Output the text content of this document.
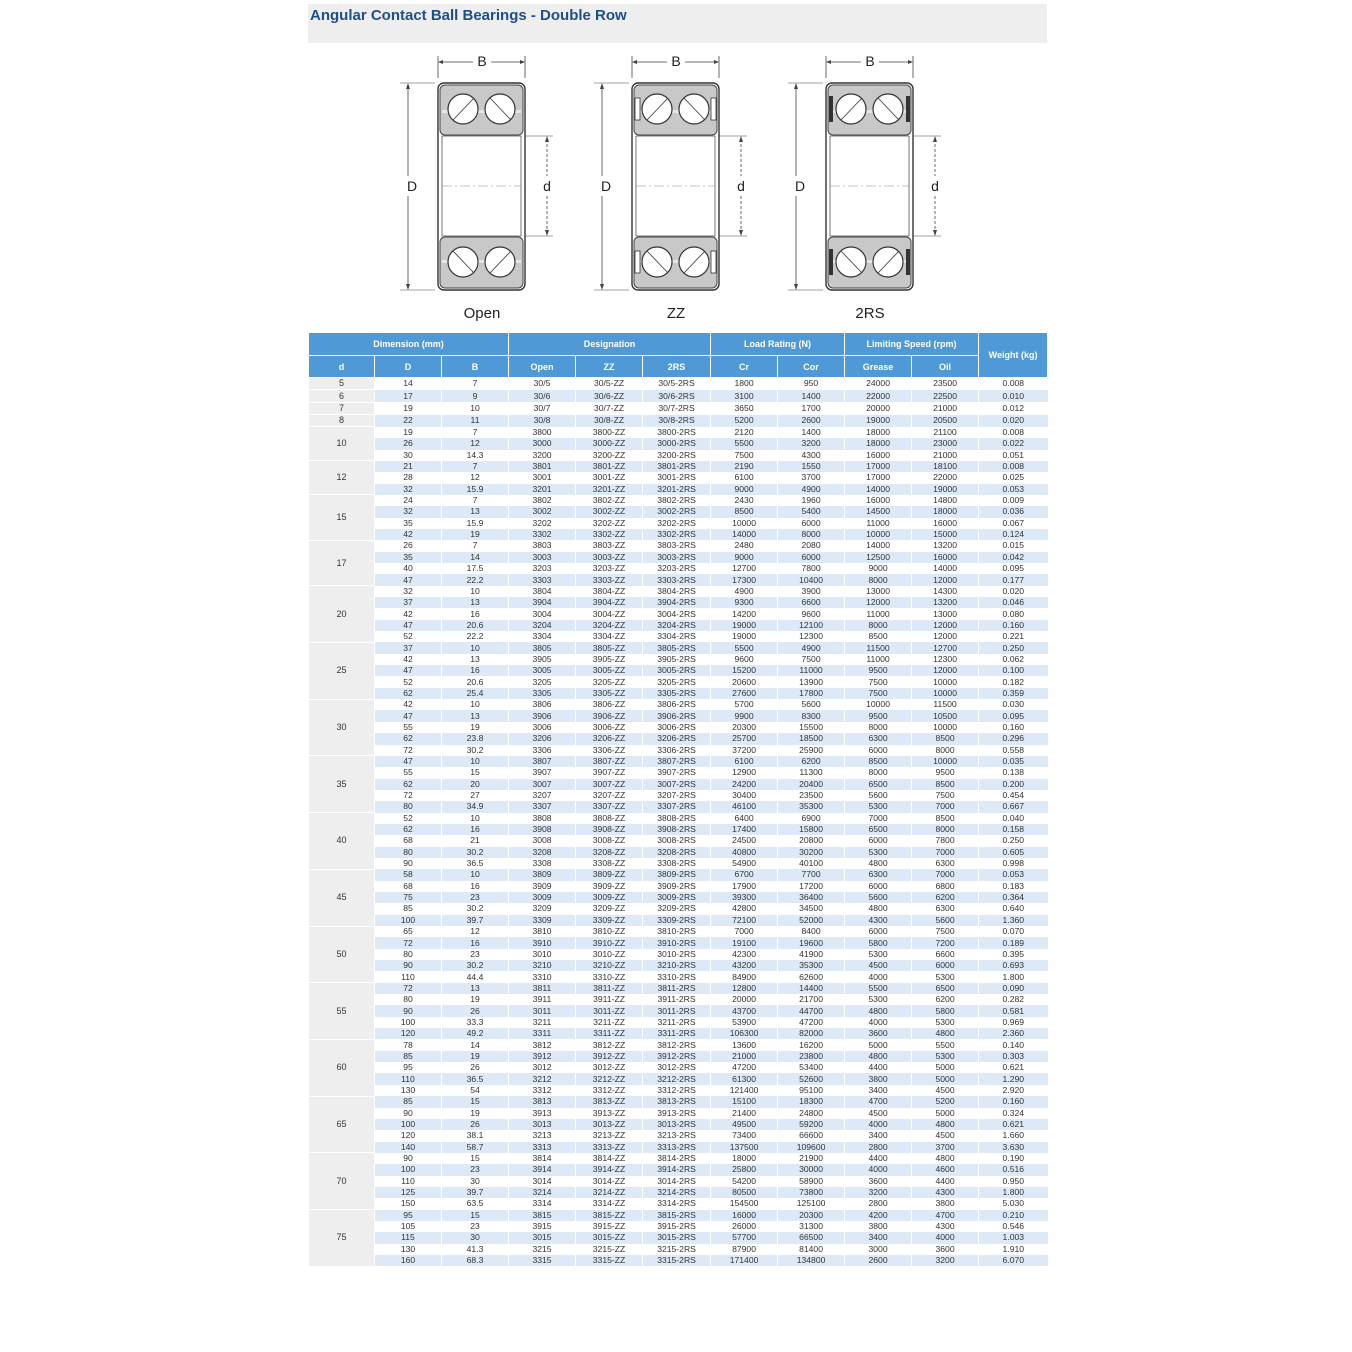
Angular Contact Ball Bearings - Double Row
B
D	d
Open
B
D	d
ZZ
B
D	d
2RS
Dimension (mm)			Designation			Load Rating (N)		Limiting Speed (rpm)		Weight (kg)
d	D	B	Open	ZZ	2RS	Cr	Cor	Grease	Oil	
5	14	7	30/5	30/5-ZZ	30/5-2RS	1800	950	24000	23500	0.008
6	17	9	30/6	30/6-ZZ	30/6-2RS	3100	1400	22000	22500	0.010
7	19	10	30/7	30/7-ZZ	30/7-2RS	3650	1700	20000	21000	0.012
8	22	11	30/8	30/8-ZZ	30/8-2RS	5200	2600	19000	20500	0.020
10	19	7	3800	3800-ZZ	3800-2RS	2120	1400	18000	21100	0.008
	26	12	3000	3000-ZZ	3000-2RS	5500	3200	18000	23000	0.022
	30	14.3	3200	3200-ZZ	3200-2RS	7500	4300	16000	21000	0.051
12	21	7	3801	3801-ZZ	3801-2RS	2190	1550	17000	18100	0.008
	28	12	3001	3001-ZZ	3001-2RS	6100	3700	17000	22000	0.025
	32	15.9	3201	3201-ZZ	3201-2RS	9000	4900	14000	19000	0.053
15	24	7	3802	3802-ZZ	3802-2RS	2430	1960	16000	14800	0.009
	32	13	3002	3002-ZZ	3002-2RS	8500	5400	14500	18000	0.036
	35	15.9	3202	3202-ZZ	3202-2RS	10000	6000	11000	16000	0.067
	42	19	3302	3302-ZZ	3302-2RS	14000	8000	10000	15000	0.124
17	26	7	3803	3803-ZZ	3803-2RS	2480	2080	14000	13200	0.015
	35	14	3003	3003-ZZ	3003-2RS	9000	6000	12500	16000	0.042
	40	17.5	3203	3203-ZZ	3203-2RS	12700	7800	9000	14000	0.095
	47	22.2	3303	3303-ZZ	3303-2RS	17300	10400	8000	12000	0.177
20	32	10	3804	3804-ZZ	3804-2RS	4900	3900	13000	14300	0.020
	37	13	3904	3904-ZZ	3904-2RS	9300	6600	12000	13200	0.046
	42	16	3004	3004-ZZ	3004-2RS	14200	9600	11000	13000	0.080
	47	20.6	3204	3204-ZZ	3204-2RS	19000	12100	8000	12000	0.160
	52	22.2	3304	3304-ZZ	3304-2RS	19000	12300	8500	12000	0.221
25	37	10	3805	3805-ZZ	3805-2RS	5500	4900	11500	12700	0.250
	42	13	3905	3905-ZZ	3905-2RS	9600	7500	11000	12300	0.062
	47	16	3005	3005-ZZ	3005-2RS	15200	11000	9500	12000	0.100
	52	20.6	3205	3205-ZZ	3205-2RS	20600	13900	7500	10000	0.182
	62	25.4	3305	3305-ZZ	3305-2RS	27600	17800	7500	10000	0.359
30	42	10	3806	3806-ZZ	3806-2RS	5700	5600	10000	11500	0.030
	47	13	3906	3906-ZZ	3906-2RS	9900	8300	9500	10500	0.095
	55	19	3006	3006-ZZ	3006-2RS	20300	15500	8000	10000	0.160
	62	23.8	3206	3206-ZZ	3206-2RS	25700	18500	6300	8500	0.296
	72	30.2	3306	3306-ZZ	3306-2RS	37200	25900	6000	8000	0.558
35	47	10	3807	3807-ZZ	3807-2RS	6100	6200	8500	10000	0.035
	55	15	3907	3907-ZZ	3907-2RS	12900	11300	8000	9500	0.138
	62	20	3007	3007-ZZ	3007-2RS	24200	20400	6500	8500	0.200
	72	27	3207	3207-ZZ	3207-2RS	30400	23500	5600	7500	0.454
	80	34.9	3307	3307-ZZ	3307-2RS	46100	35300	5300	7000	0.667
40	52	10	3808	3808-ZZ	3808-2RS	6400	6900	7000	8500	0.040
	62	16	3908	3908-ZZ	3908-2RS	17400	15800	6500	8000	0.158
	68	21	3008	3008-ZZ	3008-2RS	24500	20800	6000	7800	0.250
	80	30.2	3208	3208-ZZ	3208-2RS	40800	30200	5300	7000	0.605
	90	36.5	3308	3308-ZZ	3308-2RS	54900	40100	4800	6300	0.998
45	58	10	3809	3809-ZZ	3809-2RS	6700	7700	6300	7000	0.053
	68	16	3909	3909-ZZ	3909-2RS	17900	17200	6000	6800	0.183
	75	23	3009	3009-ZZ	3009-2RS	39300	36400	5600	6200	0.364
	85	30.2	3209	3209-ZZ	3209-2RS	42800	34500	4800	6300	0.640
	100	39.7	3309	3309-ZZ	3309-2RS	72100	52000	4300	5600	1.360
50	65	12	3810	3810-ZZ	3810-2RS	7000	8400	6000	7500	0.070
	72	16	3910	3910-ZZ	3910-2RS	19100	19600	5800	7200	0.189
	80	23	3010	3010-ZZ	3010-2RS	42300	41900	5300	6600	0.395
	90	30.2	3210	3210-ZZ	3210-2RS	43200	35300	4500	6000	0.693
	110	44.4	3310	3310-ZZ	3310-2RS	84900	62600	4000	5300	1.800
55	72	13	3811	3811-ZZ	3811-2RS	12800	14400	5500	6500	0.090
	80	19	3911	3911-ZZ	3911-2RS	20000	21700	5300	6200	0.282
	90	26	3011	3011-ZZ	3011-2RS	43700	44700	4800	5800	0.581
	100	33.3	3211	3211-ZZ	3211-2RS	53900	47200	4000	5300	0.969
	120	49.2	3311	3311-ZZ	3311-2RS	106300	82000	3600	4800	2.360
60	78	14	3812	3812-ZZ	3812-2RS	13600	16200	5000	5500	0.140
	85	19	3912	3912-ZZ	3912-2RS	21000	23800	4800	5300	0.303
	95	26	3012	3012-ZZ	3012-2RS	47200	53400	4400	5000	0.621
	110	36.5	3212	3212-ZZ	3212-2RS	61300	52600	3800	5000	1.290
	130	54	3312	3312-ZZ	3312-2RS	121400	95100	3400	4500	2.920
65	85	15	3813	3813-ZZ	3813-2RS	15100	18300	4700	5200	0.160
	90	19	3913	3913-ZZ	3913-2RS	21400	24800	4500	5000	0.324
	100	26	3013	3013-ZZ	3013-2RS	49500	59200	4000	4800	0.621
	120	38.1	3213	3213-ZZ	3213-2RS	73400	66600	3400	4500	1.660
	140	58.7	3313	3313-ZZ	3313-2RS	137500	109600	2800	3700	3.630
70	90	15	3814	3814-ZZ	3814-2RS	18000	21900	4400	4800	0.190
	100	23	3914	3914-ZZ	3914-2RS	25800	30000	4000	4600	0.516
	110	30	3014	3014-ZZ	3014-2RS	54200	58900	3600	4400	0.950
	125	39.7	3214	3214-ZZ	3214-2RS	80500	73800	3200	4300	1.800
	150	63.5	3314	3314-ZZ	3314-2RS	154500	125100	2800	3800	5.030
75	95	15	3815	3815-ZZ	3815-2RS	16000	20300	4200	4700	0.210
	105	23	3915	3915-ZZ	3915-2RS	26000	31300	3800	4300	0.546
	115	30	3015	3015-ZZ	3015-2RS	57700	66500	3400	4000	1.003
	130	41.3	3215	3215-ZZ	3215-2RS	87900	81400	3000	3600	1.910
	160	68.3	3315	3315-ZZ	3315-2RS	171400	134800	2600	3200	6.070
